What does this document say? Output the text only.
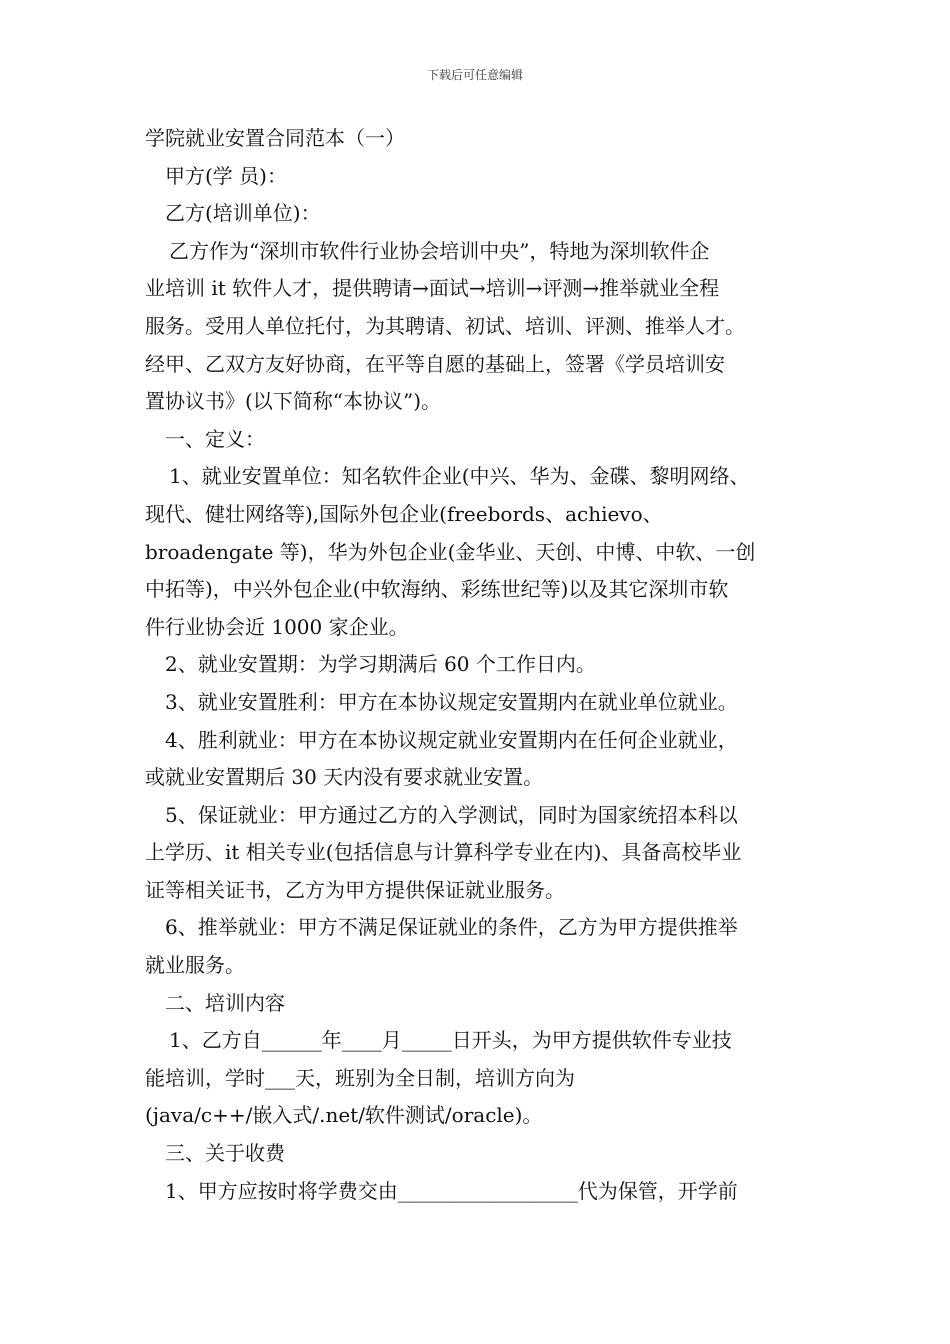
下载后可任意编辑

学院就业安置合同范本（一）

甲方(学 员)：

乙方(培训单位)：

乙方作为“深圳市软件行业协会培训中央”，特地为深圳软件企

业培训 it 软件人才，提供聘请→面试→培训→评测→推举就业全程

服务。受用人单位托付，为其聘请、初试、培训、评测、推举人才。

经甲、乙双方友好协商，在平等自愿的基础上，签署《学员培训安

置协议书》(以下简称“本协议”)。

一、定义：

1、就业安置单位：知名软件企业(中兴、华为、金碟、黎明网络、

现代、健壮网络等),国际外包企业(freebords、achievo、

broadengate 等)，华为外包企业(金华业、天创、中博、中软、一创

中拓等)，中兴外包企业(中软海纳、彩练世纪等)以及其它深圳市软

件行业协会近 1000 家企业。

2、就业安置期：为学习期满后 60 个工作日内。

3、就业安置胜利：甲方在本协议规定安置期内在就业单位就业。

4、胜利就业：甲方在本协议规定就业安置期内在任何企业就业，

或就业安置期后 30 天内没有要求就业安置。

5、保证就业：甲方通过乙方的入学测试，同时为国家统招本科以

上学历、it 相关专业(包括信息与计算科学专业在内)、具备高校毕业

证等相关证书，乙方为甲方提供保证就业服务。

6、推举就业：甲方不满足保证就业的条件，乙方为甲方提供推举

就业服务。

二、培训内容

1、乙方自______年____月_____日开头，为甲方提供软件专业技

能培训，学时___天，班别为全日制，培训方向为

(java/c++/嵌入式/.net/软件测试/oracle)。

三、关于收费

1、甲方应按时将学费交由__________________代为保管，开学前
